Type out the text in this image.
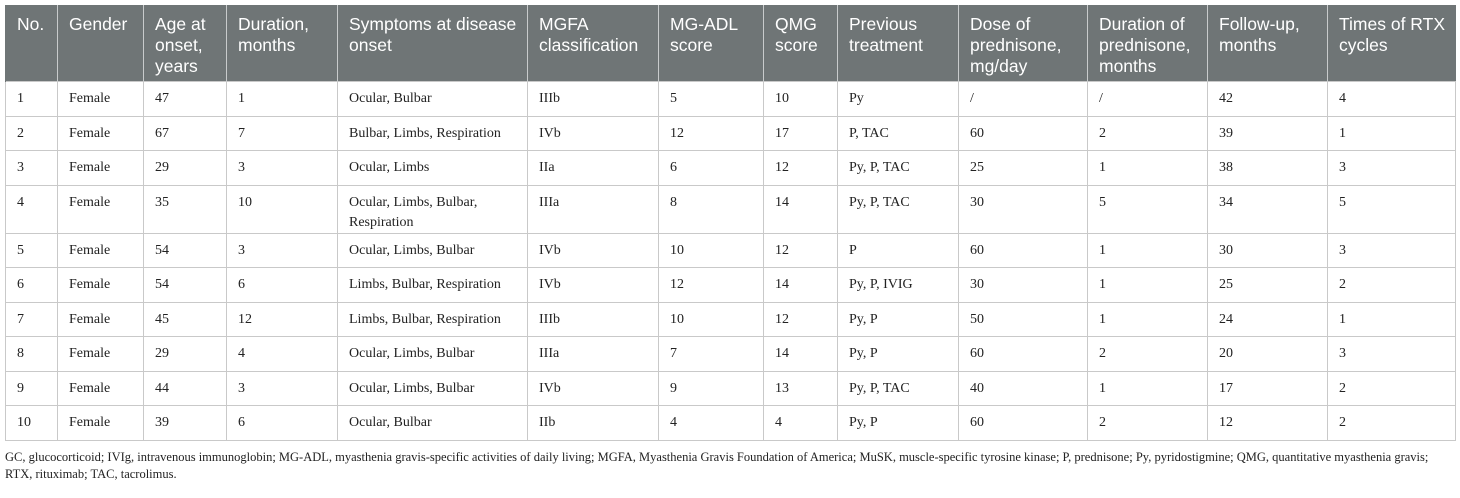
No.	Gender	Age at onset, years	Duration, months	Symptoms at disease onset	MGFA classification	MG-ADL score	QMG score	Previous treatment	Dose of prednisone, mg/day	Duration of prednisone, months	Follow-up, months	Times of RTX cycles
1	Female	47	1	Ocular, Bulbar	IIIb	5	10	Py	/	/	42	4
2	Female	67	7	Bulbar, Limbs, Respiration	IVb	12	17	P, TAC	60	2	39	1
3	Female	29	3	Ocular, Limbs	IIa	6	12	Py, P, TAC	25	1	38	3
4	Female	35	10	Ocular, Limbs, Bulbar, Respiration	IIIa	8	14	Py, P, TAC	30	5	34	5
5	Female	54	3	Ocular, Limbs, Bulbar	IVb	10	12	P	60	1	30	3
6	Female	54	6	Limbs, Bulbar, Respiration	IVb	12	14	Py, P, IVIG	30	1	25	2
7	Female	45	12	Limbs, Bulbar, Respiration	IIIb	10	12	Py, P	50	1	24	1
8	Female	29	4	Ocular, Limbs, Bulbar	IIIa	7	14	Py, P	60	2	20	3
9	Female	44	3	Ocular, Limbs, Bulbar	IVb	9	13	Py, P, TAC	40	1	17	2
10	Female	39	6	Ocular, Bulbar	IIb	4	4	Py, P	60	2	12	2
GC, glucocorticoid; IVIg, intravenous immunoglobin; MG-ADL, myasthenia gravis-specific activities of daily living; MGFA, Myasthenia Gravis Foundation of America; MuSK, muscle-specific tyrosine kinase; P, prednisone; Py, pyridostigmine; QMG, quantitative myasthenia gravis; RTX, rituximab; TAC, tacrolimus.
